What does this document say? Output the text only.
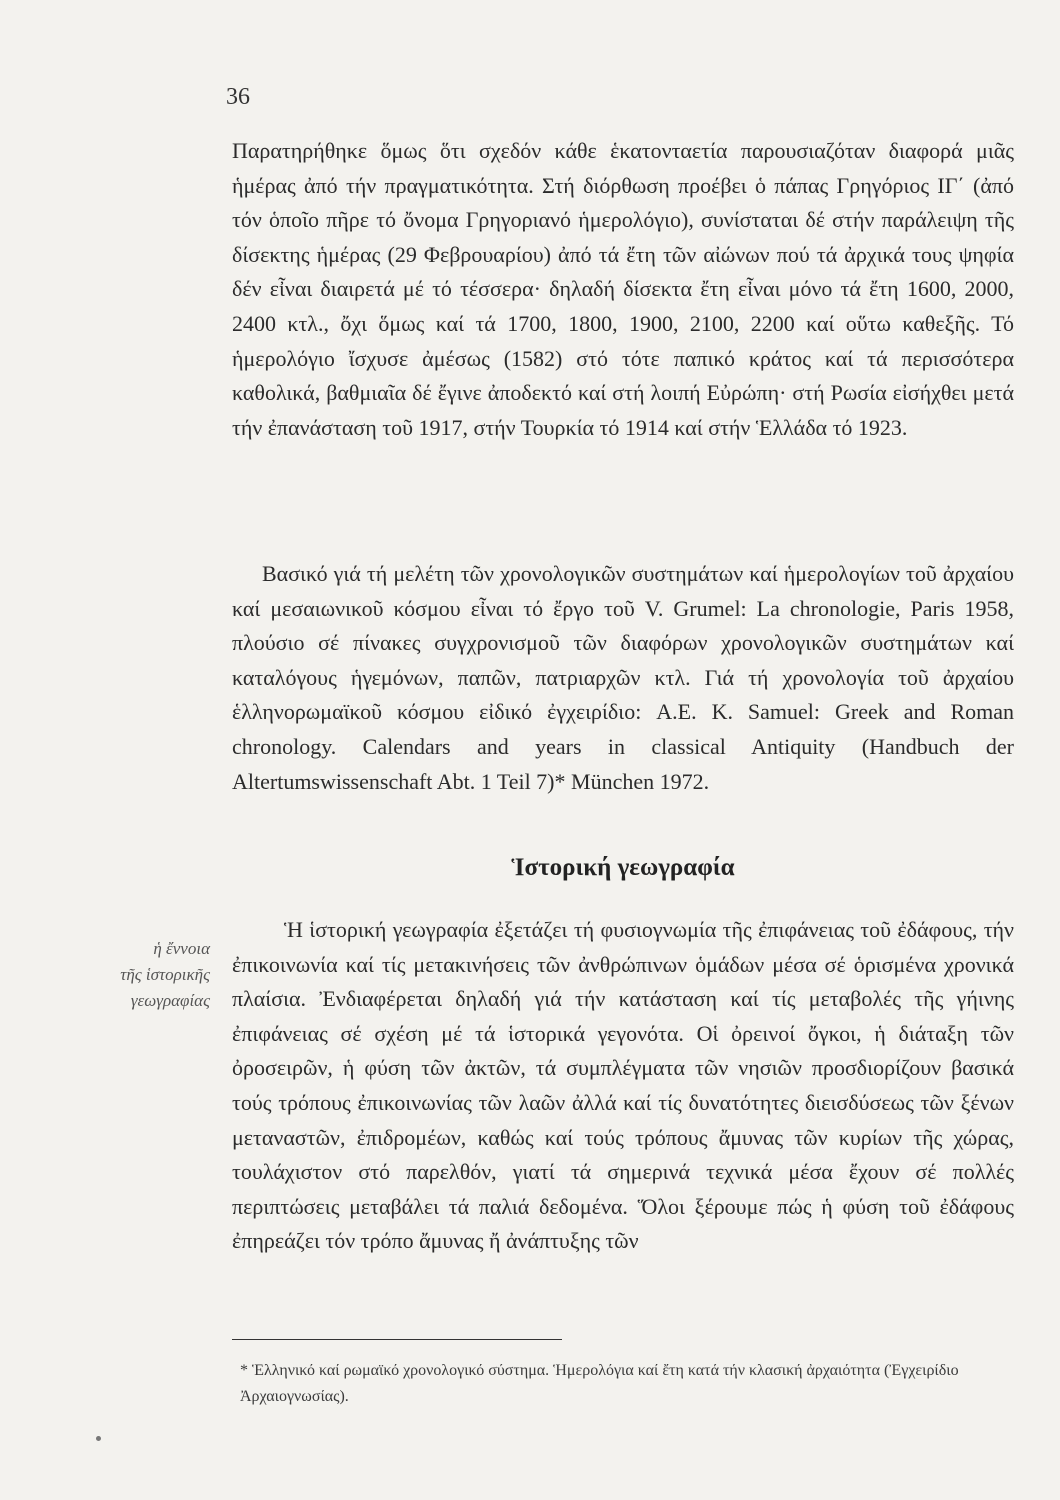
36

Παρατηρήθηκε ὅμως ὅτι σχεδόν κάθε ἑκατονταετία παρουσιαζόταν διαφορά μιᾶς ἡμέρας ἀπό τήν πραγματικότητα. Στή διόρθωση προέβει ὁ πάπας Γρηγόριος ΙΓ΄ (ἀπό τόν ὁποῖο πῆρε τό ὄνομα Γρηγοριανό ἡμερολόγιο), συνίσταται δέ στήν παράλειψη τῆς δίσεκτης ἡμέρας (29 Φεβρουαρίου) ἀπό τά ἔτη τῶν αἰώνων πού τά ἀρχικά τους ψηφία δέν εἶναι διαιρετά μέ τό τέσσερα· δηλαδή δίσεκτα ἔτη εἶναι μόνο τά ἔτη 1600, 2000, 2400 κτλ., ὄχι ὅμως καί τά 1700, 1800, 1900, 2100, 2200 καί οὕτω καθεξῆς. Τό ἡμερολόγιο ἴσχυσε ἀμέσως (1582) στό τότε παπικό κράτος καί τά περισσότερα καθολικά, βαθμιαῖα δέ ἔγινε ἀποδεκτό καί στή λοιπή Εὐρώπη· στή Ρωσία εἰσήχθει μετά τήν ἐπανάσταση τοῦ 1917, στήν Τουρκία τό 1914 καί στήν Ἑλλάδα τό 1923.

Βασικό γιά τή μελέτη τῶν χρονολογικῶν συστημάτων καί ἡμερολογίων τοῦ ἀρχαίου καί μεσαιωνικοῦ κόσμου εἶναι τό ἔργο τοῦ V. Grumel: La chronologie, Paris 1958, πλούσιο σέ πίνακες συγχρονισμοῦ τῶν διαφόρων χρονολογικῶν συστημάτων καί καταλόγους ἡγεμόνων, παπῶν, πατριαρχῶν κτλ. Γιά τή χρονολογία τοῦ ἀρχαίου ἑλληνορωμαϊκοῦ κόσμου εἰδικό ἐγχειρίδιο: A.E. K. Samuel: Greek and Roman chronology. Calendars and years in classical Antiquity (Handbuch der Altertumswissenschaft Abt. 1 Teil 7)* München 1972.

Ἱστορική γεωγραφία
ἡ ἔννοια
τῆς ἱστορικῆς
γεωγραφίας

Ἡ ἱστορική γεωγραφία ἐξετάζει τή φυσιογνωμία τῆς ἐπιφάνειας τοῦ ἐδάφους, τήν ἐπικοινωνία καί τίς μετακινήσεις τῶν ἀνθρώπινων ὁμάδων μέσα σέ ὁρισμένα χρονικά πλαίσια. Ἐνδιαφέρεται δηλαδή γιά τήν κατάσταση καί τίς μεταβολές τῆς γήινης ἐπιφάνειας σέ σχέση μέ τά ἱστορικά γεγονότα. Οἱ ὀρεινοί ὄγκοι, ἡ διάταξη τῶν ὀροσειρῶν, ἡ φύση τῶν ἀκτῶν, τά συμπλέγματα τῶν νησιῶν προσδιορίζουν βασικά τούς τρόπους ἐπικοινωνίας τῶν λαῶν ἀλλά καί τίς δυνατότητες διεισδύσεως τῶν ξένων μεταναστῶν, ἐπιδρομέων, καθώς καί τούς τρόπους ἄμυνας τῶν κυρίων τῆς χώρας, τουλάχιστον στό παρελθόν, γιατί τά σημερινά τεχνικά μέσα ἔχουν σέ πολλές περιπτώσεις μεταβάλει τά παλιά δεδομένα. Ὅλοι ξέρουμε πώς ἡ φύση τοῦ ἐδάφους ἐπηρεάζει τόν τρόπο ἄμυνας ἤ ἀνάπτυξης τῶν

* Ἑλληνικό καί ρωμαϊκό χρονολογικό σύστημα. Ἡμερολόγια καί ἔτη κατά τήν κλασική ἀρχαιότητα (Ἐγχειρίδιο Ἀρχαιογνωσίας).
